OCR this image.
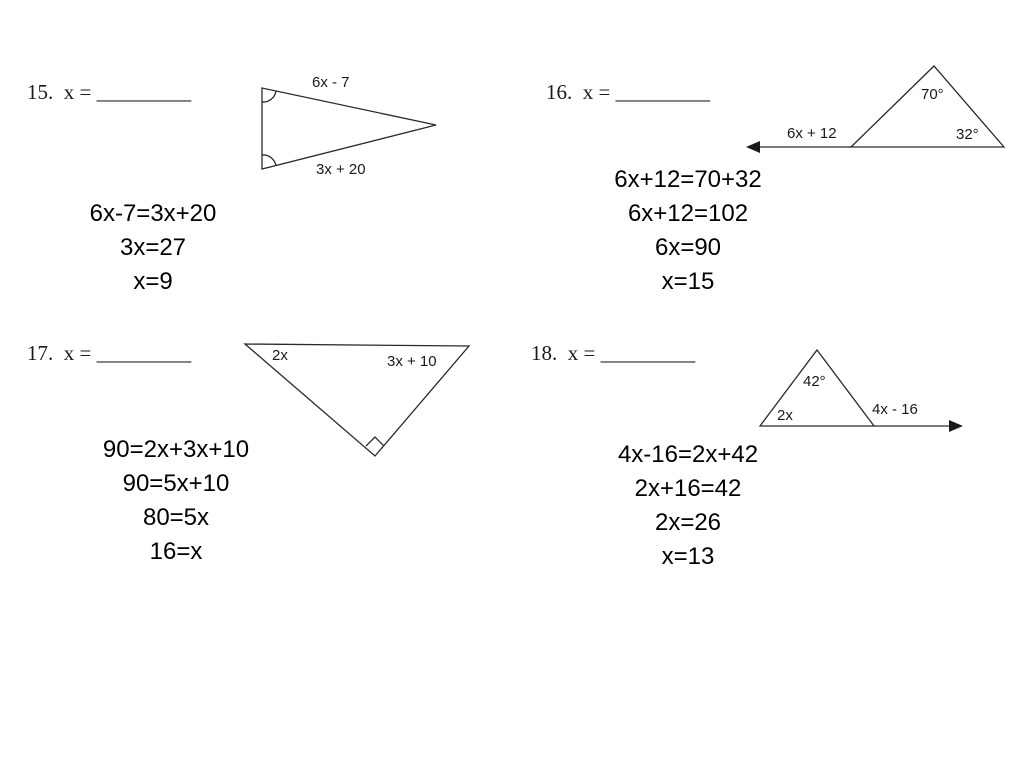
15.  x = _________	6x - 7
3x + 20
6x-7=3x+20
3x=27
x=9
16.  x = _________	70°
32°
6x + 12
6x+12=70+32
6x+12=102
6x=90
x=15
17.  x = _________	2x	3x + 10
90=2x+3x+10
90=5x+10
80=5x
16=x
18.  x = _________
42°
2x	4x - 16
4x-16=2x+42
2x+16=42
2x=26
x=13
